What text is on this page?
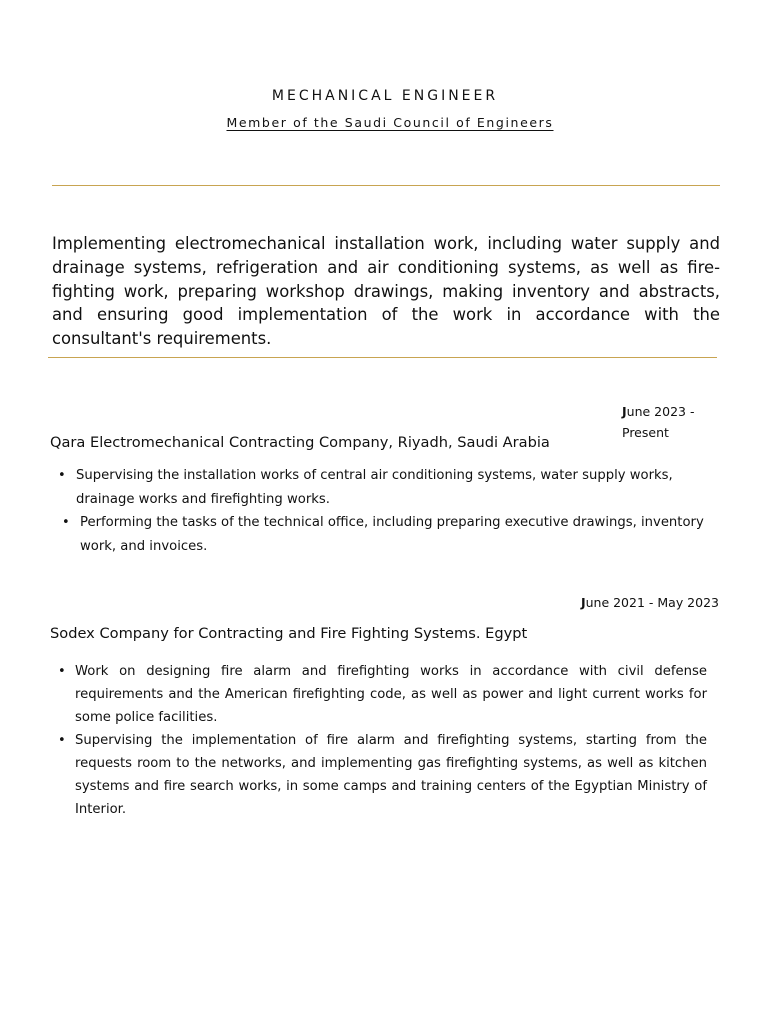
MECHANICAL ENGINEER
Member of the Saudi Council of Engineers
Implementing electromechanical installation work, including water supply and drainage systems, refrigeration and air conditioning systems, as well as fire-fighting work, preparing workshop drawings, making inventory and abstracts, and ensuring good implementation of the work in accordance with the consultant's requirements.
June 2023 -
Present
Qara Electromechanical Contracting Company, Riyadh, Saudi Arabia
• Supervising the installation works of central air conditioning systems, water supply works, drainage works and firefighting works.
• Performing the tasks of the technical office, including preparing executive drawings, inventory work, and invoices.
June 2021 - May 2023
Sodex Company for Contracting and Fire Fighting Systems. Egypt
• Work on designing fire alarm and firefighting works in accordance with civil defense requirements and the American firefighting code, as well as power and light current works for some police facilities.
• Supervising the implementation of fire alarm and firefighting systems, starting from the requests room to the networks, and implementing gas firefighting systems, as well as kitchen systems and fire search works, in some camps and training centers of the Egyptian Ministry of Interior.
